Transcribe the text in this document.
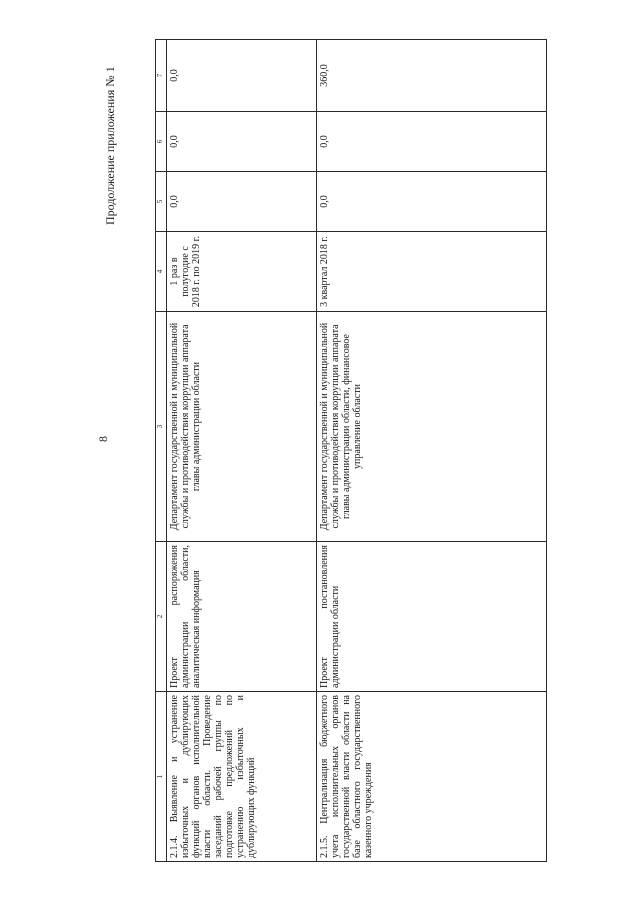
8
Продолжение приложения № 1
1	2	3	4	5	6	7
2.1.4. Выявление и устранение избыточных и дублирующих функций органов исполнительной власти области. Проведение заседаний рабочей группы по подготовке предложений по устранению избыточных и дублирующих функций	Проект распоряжения администрации области, аналитическая информация	Департамент государственной и муниципальной службы и противодействия коррупции аппарата главы администрации области	1 раз в полугодие с 2018 г. по 2019 г.	0,0	0,0	0,0
2.1.5. Централизация бюджетного учета исполнительных органов государственной власти области на базе областного государственного казенного учреждения	Проект постановления администрации области	Департамент государственной и муниципальной службы и противодействия коррупции аппарата главы администрации области, финансовое управление области	3 квартал 2018 г.	0,0	0,0	360,0
